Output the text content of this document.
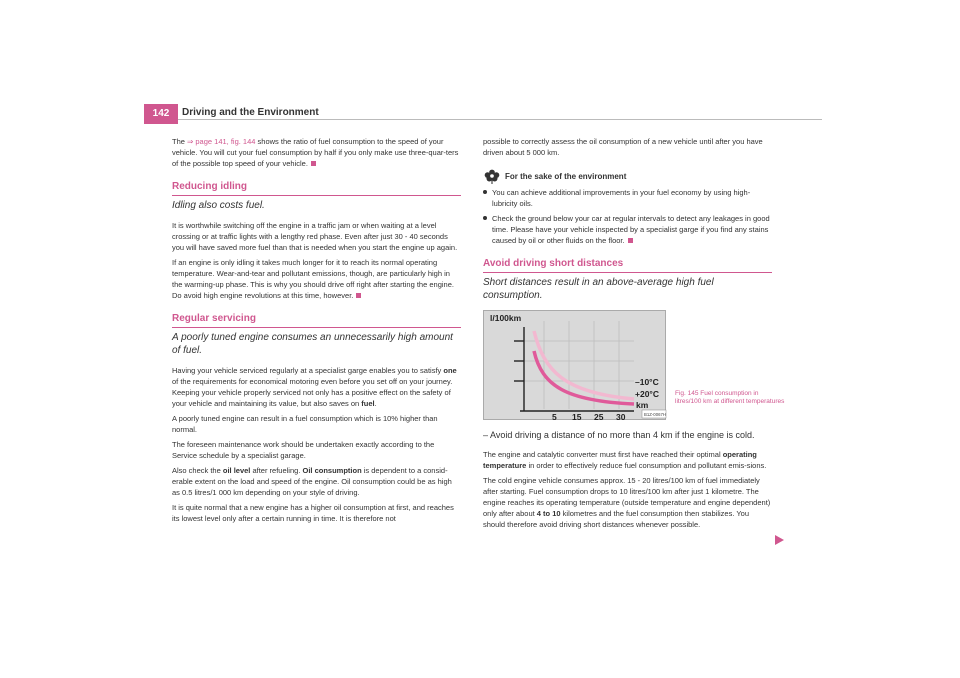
142	Driving and the Environment

The ⇒ page 141, fig. 144 shows the ratio of fuel consumption to the speed of your vehicle. You will cut your fuel consumption by half if you only make use three-quar-ters of the possible top speed of your vehicle.

Reducing idling
Idling also costs fuel.

It is worthwhile switching off the engine in a traffic jam or when waiting at a level crossing or at traffic lights with a lengthy red phase. Even after just 30 - 40 seconds you will have saved more fuel than that is needed when you start the engine up again.

If an engine is only idling it takes much longer for it to reach its normal operating temperature. Wear-and-tear and pollutant emissions, though, are particularly high in the warming-up phase. This is why you should drive off right after starting the engine. Do avoid high engine revolutions at this time, however.

Regular servicing
A poorly tuned engine consumes an unnecessarily high amount of fuel.

Having your vehicle serviced regularly at a specialist garge enables you to satisfy one of the requirements for economical motoring even before you set off on your journey. Keeping your vehicle properly serviced not only has a positive effect on the safety of your vehicle and maintaining its value, but also saves on fuel.

A poorly tuned engine can result in a fuel consumption which is 10% higher than normal.

The foreseen maintenance work should be undertaken exactly according to the Service schedule by a specialist garage.

Also check the oil level after refueling. Oil consumption is dependent to a consid-erable extent on the load and speed of the engine. Oil consumption could be as high as 0.5 litres/1 000 km depending on your style of driving.

It is quite normal that a new engine has a higher oil consumption at first, and reaches its lowest level only after a certain running in time. It is therefore not

possible to correctly assess the oil consumption of a new vehicle until after you have driven about 5 000 km.

For the sake of the environment
You can achieve additional improvements in your fuel economy by using high-lubricity oils.
Check the ground below your car at regular intervals to detect any leakages in good time. Please have your vehicle inspected by a specialist garge if you find any stains caused by oil or other fluids on the floor.
Avoid driving short distances
Short distances result in an above-average high fuel consumption.
l/100km
–10°C
+20°C
km
5 15 25 30	B1Z-0067H
– Avoid driving a distance of no more than 4 km if the engine is cold.

The engine and catalytic converter must first have reached their optimal operating temperature in order to effectively reduce fuel consumption and pollutant emis-sions.

The cold engine vehicle consumes approx. 15 - 20 litres/100 km of fuel immediately after starting. Fuel consumption drops to 10 litres/100 km after just 1 kilometre. The engine reaches its operating temperature (outside temperature and engine dependent) only after about 4 to 10 kilometres and the fuel consumption then stabilizes. You should therefore avoid driving short distances whenever possible.

Fig. 145 Fuel consumption in litres/100 km at different temperatures
